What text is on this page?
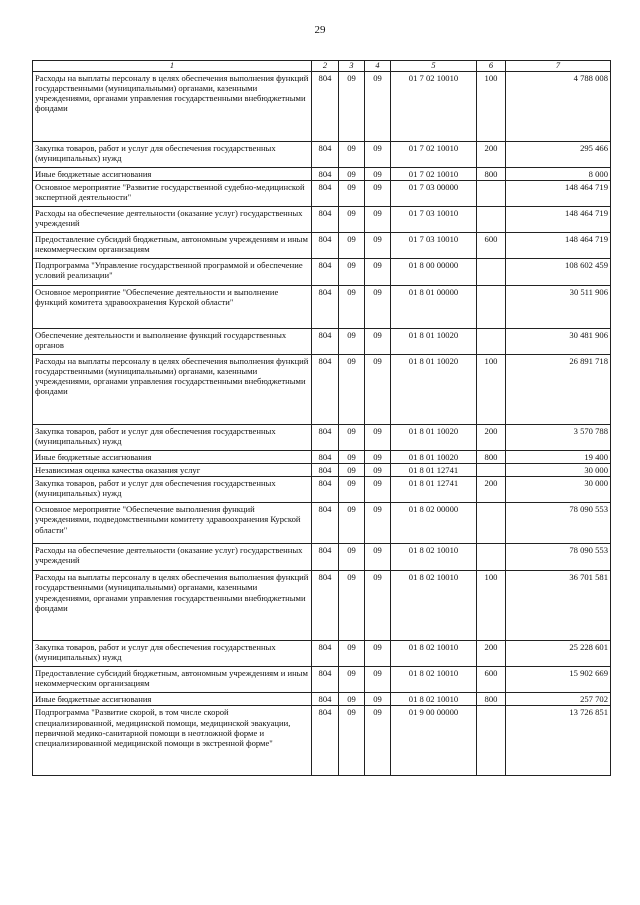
29
1	2	3	4	5	6	7
Расходы на выплаты персоналу в целях обеспечения выполнения функций государственными (муниципальными) органами, казенными учреждениями, органами управления государственными внебюджетными фондами	804	09	09	01 7 02 10010	100	4 788 008
Закупка товаров, работ и услуг для обеспечения государственных (муниципальных) нужд	804	09	09	01 7 02 10010	200	295 466
Иные бюджетные ассигнования	804	09	09	01 7 02 10010	800	8 000
Основное мероприятие "Развитие государственной судебно-медицинской экспертной деятельности"	804	09	09	01 7 03 00000		148 464 719
Расходы на обеспечение деятельности (оказание услуг) государственных учреждений	804	09	09	01 7 03 10010		148 464 719
Предоставление субсидий бюджетным, автономным учреждениям и иным некоммерческим организациям	804	09	09	01 7 03 10010	600	148 464 719
Подпрограмма "Управление государственной программой и обеспечение условий реализации"	804	09	09	01 8 00 00000		108 602 459
Основное мероприятие "Обеспечение деятельности и выполнение функций комитета здравоохранения Курской области"	804	09	09	01 8 01 00000		30 511 906
Обеспечение деятельности и выполнение функций государственных органов	804	09	09	01 8 01 10020		30 481 906
Расходы на выплаты персоналу в целях обеспечения выполнения функций государственными (муниципальными) органами, казенными учреждениями, органами управления государственными внебюджетными фондами	804	09	09	01 8 01 10020	100	26 891 718
Закупка товаров, работ и услуг для обеспечения государственных (муниципальных) нужд	804	09	09	01 8 01 10020	200	3 570 788
Иные бюджетные ассигнования	804	09	09	01 8 01 10020	800	19 400
Независимая оценка качества оказания услуг	804	09	09	01 8 01 12741		30 000
Закупка товаров, работ и услуг для обеспечения государственных (муниципальных) нужд	804	09	09	01 8 01 12741	200	30 000
Основное мероприятие "Обеспечение выполнения функций учреждениями, подведомственными комитету здравоохранения Курской области"	804	09	09	01 8 02 00000		78 090 553
Расходы на обеспечение деятельности (оказание услуг) государственных учреждений	804	09	09	01 8 02 10010		78 090 553
Расходы на выплаты персоналу в целях обеспечения выполнения функций государственными (муниципальными) органами, казенными учреждениями, органами управления государственными внебюджетными фондами	804	09	09	01 8 02 10010	100	36 701 581
Закупка товаров, работ и услуг для обеспечения государственных (муниципальных) нужд	804	09	09	01 8 02 10010	200	25 228 601
Предоставление субсидий бюджетным, автономным учреждениям и иным некоммерческим организациям	804	09	09	01 8 02 10010	600	15 902 669
Иные бюджетные ассигнования	804	09	09	01 8 02 10010	800	257 702
Подпрограмма "Развитие скорой, в том числе скорой специализированной, медицинской помощи, медицинской эвакуации, первичной медико-санитарной помощи в неотложной форме и специализированной медицинской помощи в экстренной форме"	804	09	09	01 9 00 00000		13 726 851
